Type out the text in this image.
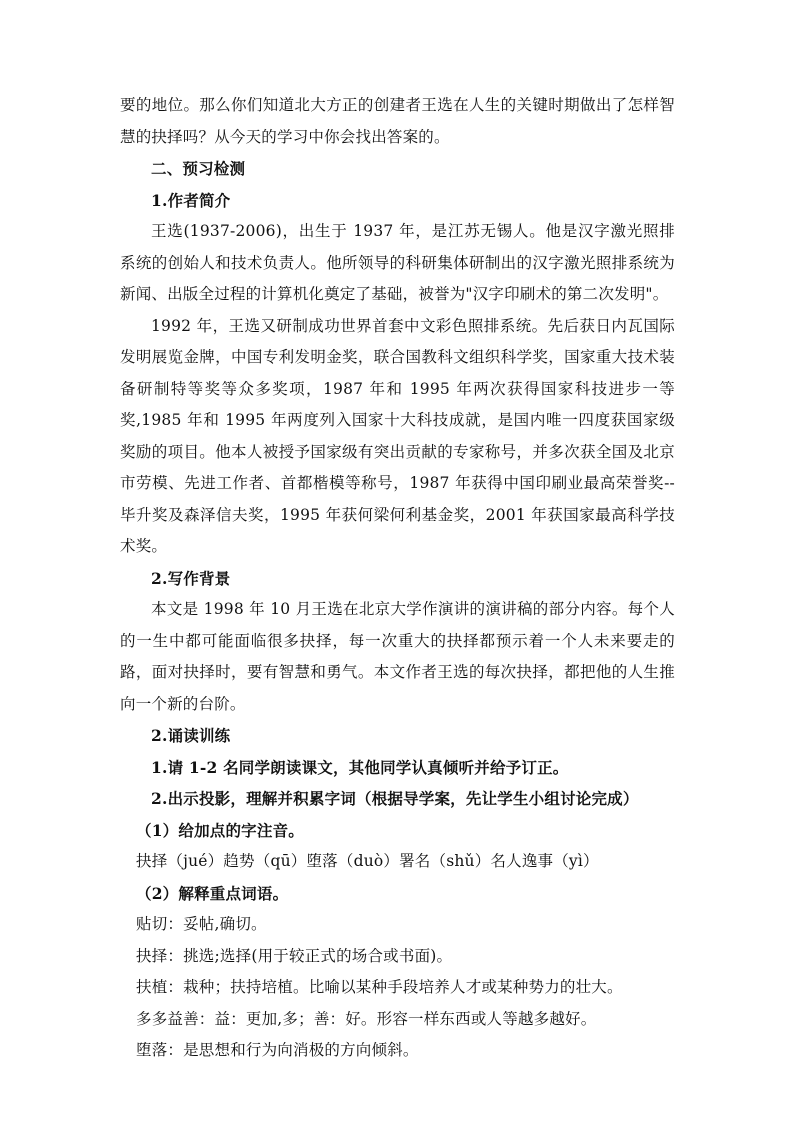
要的地位。那么你们知道北大方正的创建者王选在人生的关键时期做出了怎样智慧的抉择吗？从今天的学习中你会找出答案的。

二、预习检测

1.作者简介

王选(1937-2006)，出生于 1937 年，是江苏无锡人。他是汉字激光照排系统的创始人和技术负责人。他所领导的科研集体研制出的汉字激光照排系统为新闻、出版全过程的计算机化奠定了基础，被誉为"汉字印刷术的第二次发明"。

1992 年，王选又研制成功世界首套中文彩色照排系统。先后获日内瓦国际发明展览金牌，中国专利发明金奖，联合国教科文组织科学奖，国家重大技术装备研制特等奖等众多奖项，1987 年和 1995 年两次获得国家科技进步一等奖,1985 年和 1995 年两度列入国家十大科技成就，是国内唯一四度获国家级奖励的项目。他本人被授予国家级有突出贡献的专家称号，并多次获全国及北京市劳模、先进工作者、首都楷模等称号，1987 年获得中国印刷业最高荣誉奖--毕升奖及森泽信夫奖，1995 年获何梁何利基金奖，2001 年获国家最高科学技术奖。

2.写作背景

本文是 1998 年 10 月王选在北京大学作演讲的演讲稿的部分内容。每个人的一生中都可能面临很多抉择，每一次重大的抉择都预示着一个人未来要走的路，面对抉择时，要有智慧和勇气。本文作者王选的每次抉择，都把他的人生推向一个新的台阶。

2.诵读训练

1.请 1-2 名同学朗读课文，其他同学认真倾听并给予订正。

2.出示投影，理解并积累字词（根据导学案，先让学生小组讨论完成）

（1）给加点的字注音。

抉择（jué）趋势（qū）堕落（duò）署名（shǔ）名人逸事（yì）

（2）解释重点词语。

贴切：妥帖,确切。

抉择：挑选;选择(用于较正式的场合或书面)。

扶植：栽种；扶持培植。比喻以某种手段培养人才或某种势力的壮大。

多多益善：益：更加,多；善：好。形容一样东西或人等越多越好。

堕落：是思想和行为向消极的方向倾斜。
